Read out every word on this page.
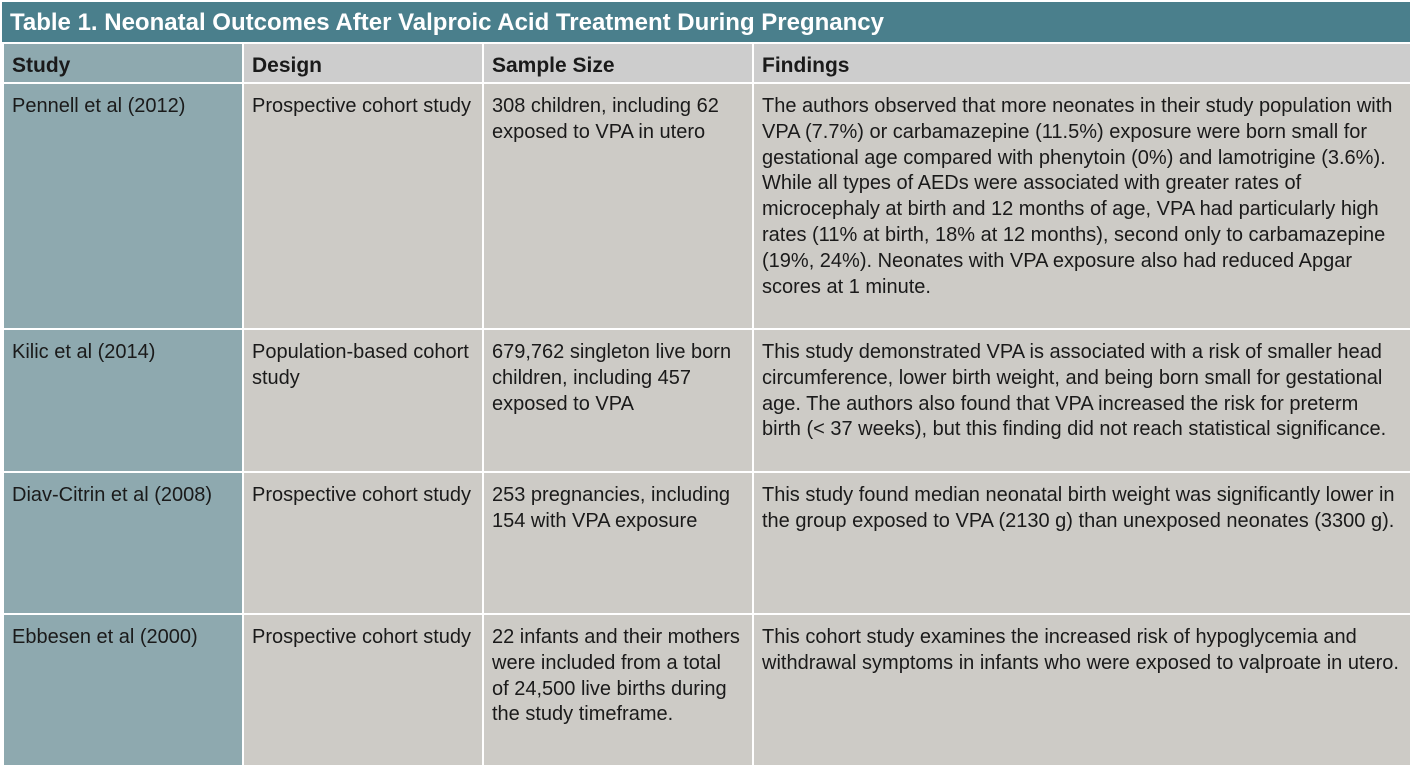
Table 1. Neonatal Outcomes After Valproic Acid Treatment During Pregnancy
Study	Design	Sample Size	Findings
Pennell et al (2012)	Prospective cohort study	308 children, including 62 exposed to VPA in utero	The authors observed that more neonates in their study population with VPA (7.7%) or carbamazepine (11.5%) exposure were born small for gestational age compared with phenytoin (0%) and lamotrigine (3.6%). While all types of AEDs were associated with greater rates of microcephaly at birth and 12 months of age, VPA had particularly high rates (11% at birth, 18% at 12 months), second only to carbamazepine (19%, 24%). Neonates with VPA exposure also had reduced Apgar scores at 1 minute.
Kilic et al (2014)	Population-based cohort study	679,762 singleton live born children, including 457 exposed to VPA	This study demonstrated VPA is associated with a risk of smaller head circumference, lower birth weight, and being born small for gestational age. The authors also found that VPA increased the risk for preterm birth (< 37 weeks), but this finding did not reach statistical significance.
Diav-Citrin et al (2008)	Prospective cohort study	253 pregnancies, including 154 with VPA exposure	This study found median neonatal birth weight was significantly lower in the group exposed to VPA (2130 g) than unexposed neonates (3300 g).
Ebbesen et al (2000)	Prospective cohort study	22 infants and their mothers were included from a total of 24,500 live births during the study timeframe.	This cohort study examines the increased risk of hypoglycemia and withdrawal symptoms in infants who were exposed to valproate in utero.
